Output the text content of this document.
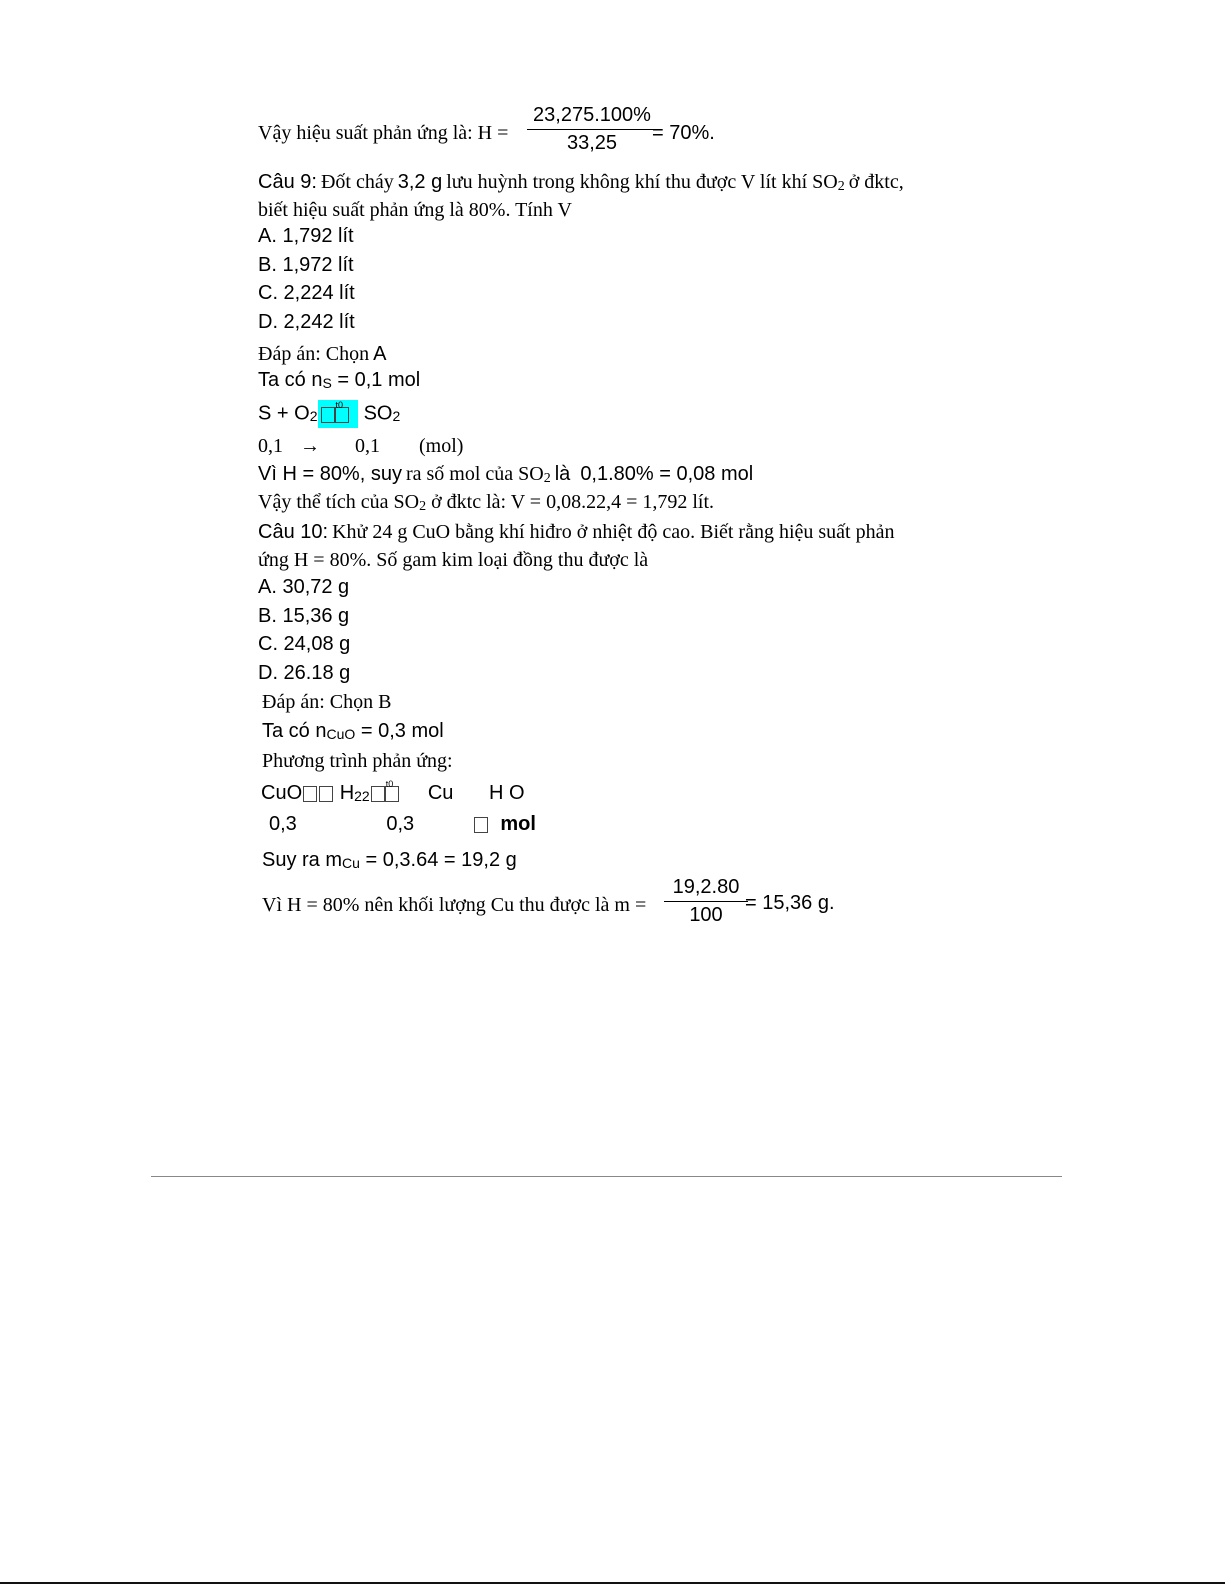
Vậy hiệu suất phản ứng là: H =
23,275.100%
33,25	= 70%.
Câu 9: Đốt cháy 3,2 g lưu huỳnh trong không khí thu được V lít khí SO2 ở đktc,
biết hiệu suất phản ứng là 80%. Tính V
A. 1,792 lít
B. 1,972 lít
C. 2,224 lít
D. 2,242 lít
Đáp án: Chọn A
Ta có nS = 0,1 mol
$S + O2^{t0}$ SO2
0,1 → 0,1 (mol)
Vì H = 80%, suy ra số mol của SO2 là 0,1.80% = 0,08 mol
Vậy thể tích của SO2 ở đktc là: V = 0,08.22,4 = 1,792 lít.
Câu 10: Khử 24 g CuO bằng khí hiđro ở nhiệt độ cao. Biết rằng hiệu suất phản
ứng H = 80%. Số gam kim loại đồng thu được là
A. 30,72 g
B. 15,36 g
C. 24,08 g
D. 26.18 g
Đáp án: Chọn B
Ta có nCuO = 0,3 mol
Phương trình phản ứng:
CuO $H22^{t0}$ Cu H O
0,3	0,3	mol
Suy ra mCu = 0,3.64 = 19,2 g
Vì H = 80% nên khối lượng Cu thu được là m =
19,2.80
100
= 15,36 g.
